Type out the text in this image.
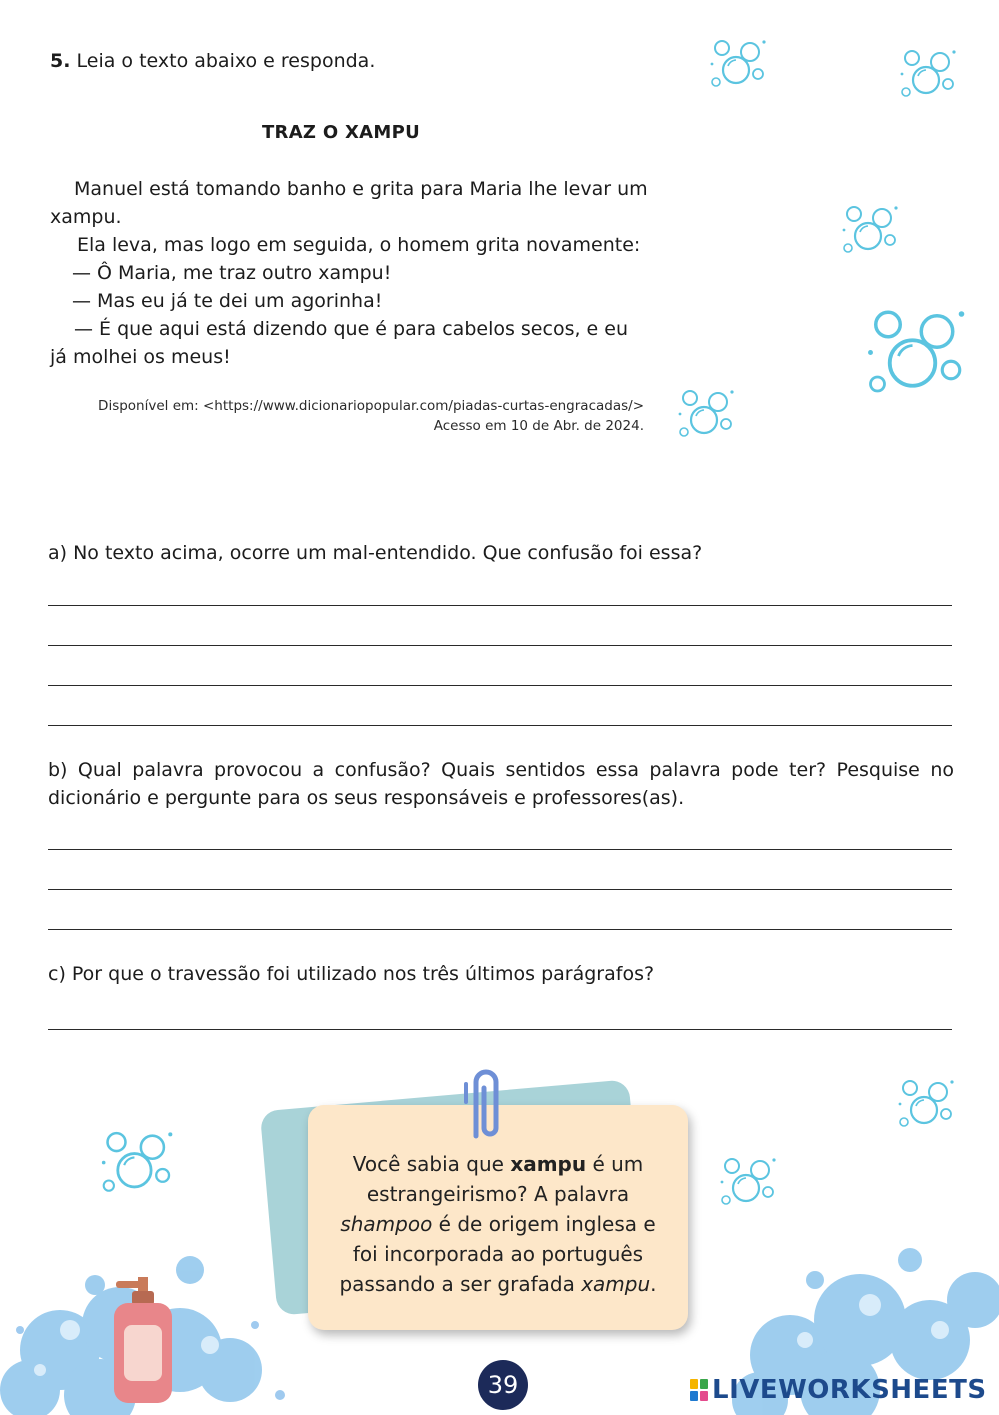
5. Leia o texto abaixo e responda.
TRAZ O XAMPU

Manuel está tomando banho e grita para Maria lhe levar um xampu.

Ela leva, mas logo em seguida, o homem grita novamente:

— Ô Maria, me traz outro xampu!

— Mas eu já te dei um agorinha!

— É que aqui está dizendo que é para cabelos secos, e eu já molhei os meus!

Disponível em: <https://www.dicionariopopular.com/piadas-curtas-engracadas/>
Acesso em 10 de Abr. de 2024.
a) No texto acima, ocorre um mal-entendido. Que confusão foi essa?
b) Qual palavra provocou a confusão? Quais sentidos essa palavra pode ter? Pesquise no dicionário e pergunte para os seus responsáveis e professores(as).
c) Por que o travessão foi utilizado nos três últimos parágrafos?
Você sabia que xampu é um estrangeirismo? A palavra shampoo é de origem inglesa e foi incorporada ao português passando a ser grafada xampu.
39	LIVEWORKSHEETS
